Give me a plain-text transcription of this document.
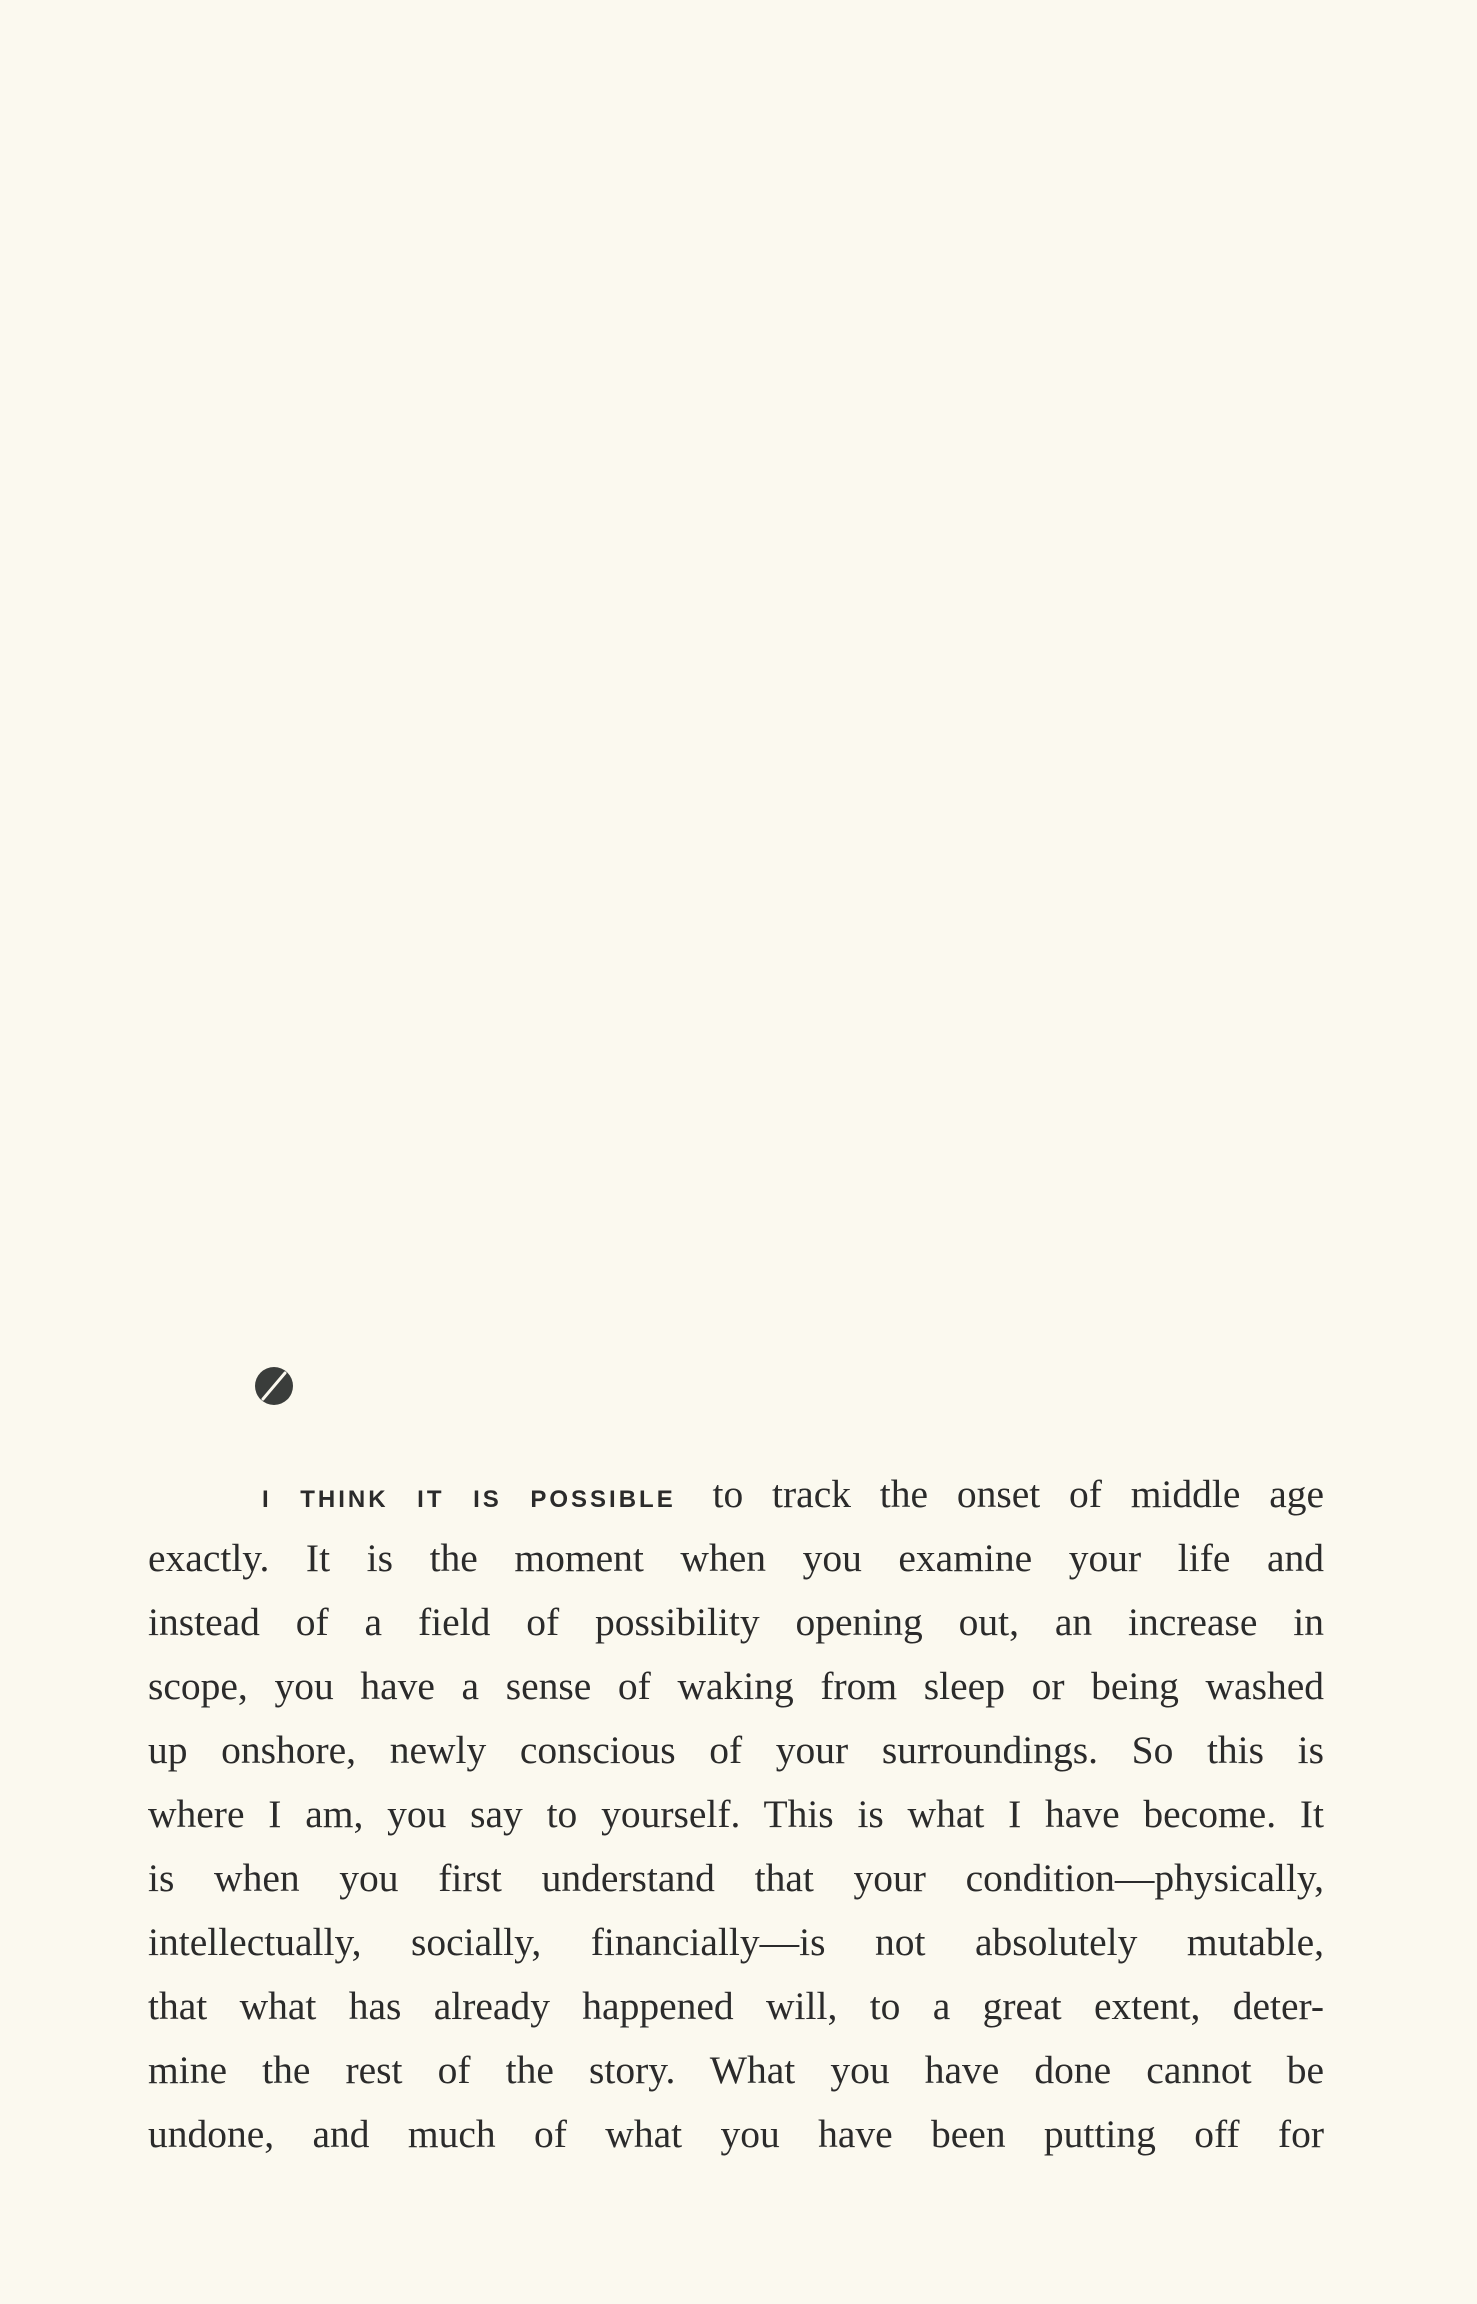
I THINK IT IS POSSIBLE to track the onset of middle age
exactly. It is the moment when you examine your life and
instead of a field of possibility opening out, an increase in
scope, you have a sense of waking from sleep or being washed
up onshore, newly conscious of your surroundings. So this is
where I am, you say to yourself. This is what I have become. It
is when you first understand that your condition—physically,
intellectually, socially, financially—is not absolutely mutable,
that what has already happened will, to a great extent, deter-
mine the rest of the story. What you have done cannot be
undone, and much of what you have been putting off for
